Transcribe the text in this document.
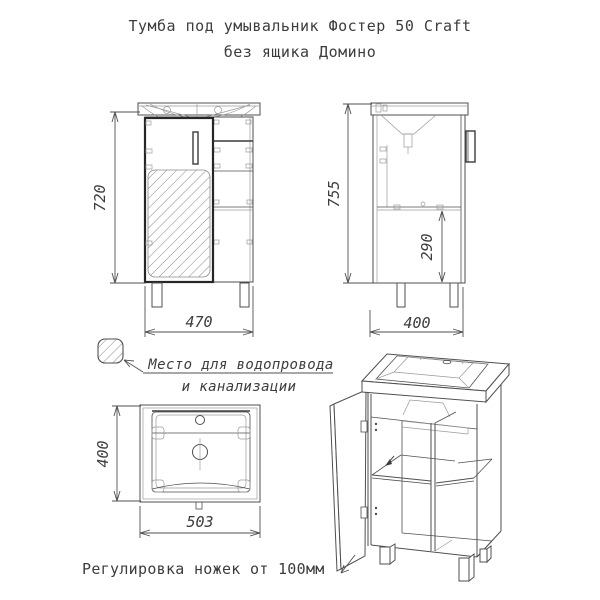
Тумба под умывальник Фостер 50 Craft
без ящика Домино
720
470
755
290
400
Место для водопровода
и канализации
400
503
Регулировка ножек от 100мм
